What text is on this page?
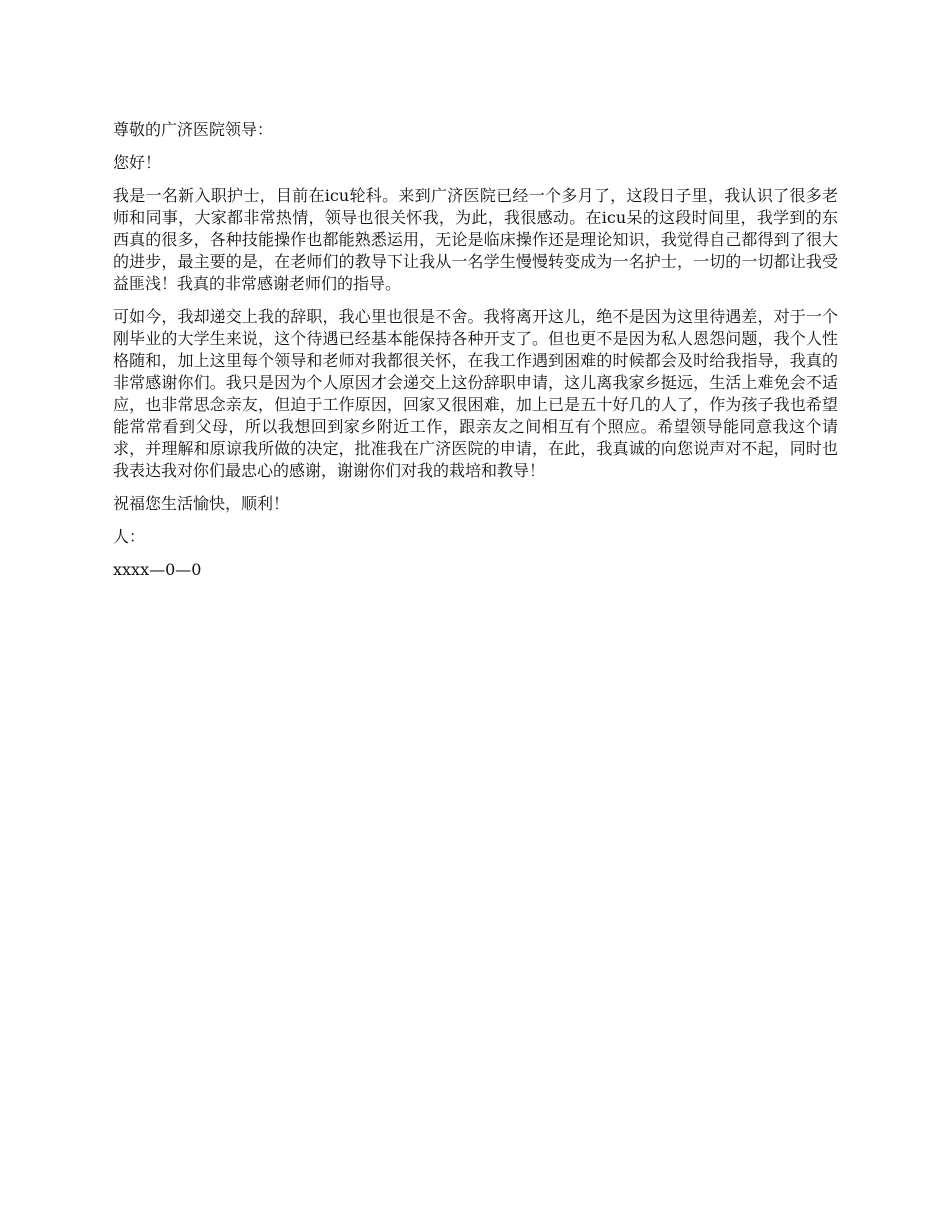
尊敬的广济医院领导：

您好！

我是一名新入职护士，目前在icu轮科。来到广济医院已经一个多月了，这段日子里，我认识了很多老师和同事，大家都非常热情，领导也很关怀我，为此，我很感动。在icu呆的这段时间里，我学到的东西真的很多，各种技能操作也都能熟悉运用，无论是临床操作还是理论知识，我觉得自己都得到了很大的进步，最主要的是，在老师们的教导下让我从一名学生慢慢转变成为一名护士，一切的一切都让我受益匪浅！我真的非常感谢老师们的指导。

可如今，我却递交上我的辞职，我心里也很是不舍。我将离开这儿，绝不是因为这里待遇差，对于一个刚毕业的大学生来说，这个待遇已经基本能保持各种开支了。但也更不是因为私人恩怨问题，我个人性格随和，加上这里每个领导和老师对我都很关怀，在我工作遇到困难的时候都会及时给我指导，我真的非常感谢你们。我只是因为个人原因才会递交上这份辞职申请，这儿离我家乡挺远，生活上难免会不适应，也非常思念亲友，但迫于工作原因，回家又很困难，加上已是五十好几的人了，作为孩子我也希望能常常看到父母，所以我想回到家乡附近工作，跟亲友之间相互有个照应。希望领导能同意我这个请求，并理解和原谅我所做的决定，批准我在广济医院的申请，在此，我真诚的向您说声对不起，同时也我表达我对你们最忠心的感谢，谢谢你们对我的栽培和教导！

祝福您生活愉快，顺利！

人：

xxxx—0—0
